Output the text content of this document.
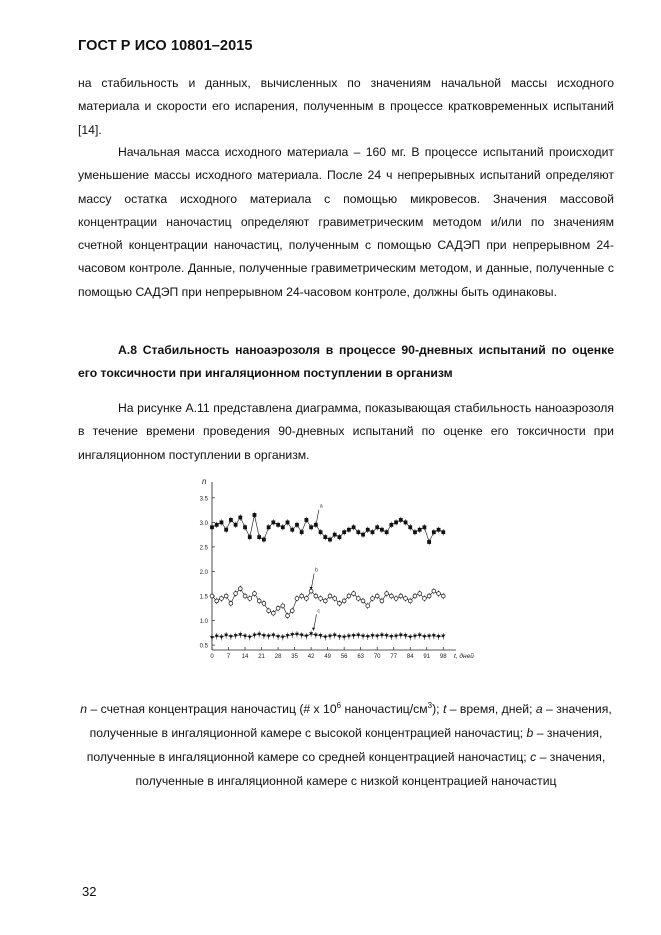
ГОСТ Р ИСО 10801–2015
на стабильность и данных, вычисленных по значениям начальной массы исходного материала и скорости его испарения, полученным в процессе кратковременных испытаний [14].
Начальная масса исходного материала – 160 мг. В процессе испытаний происходит уменьшение массы исходного материала. После 24 ч непрерывных испытаний определяют массу остатка исходного материала с помощью микровесов. Значения массовой концентрации наночастиц определяют гравиметрическим методом и/или по значениям счетной концентрации наночастиц, полученным с помощью САДЭП при непрерывном 24-часовом контроле. Данные, полученные гравиметрическим методом, и данные, полученные с помощью САДЭП при непрерывном 24-часовом контроле, должны быть одинаковы.
А.8 Стабильность наноаэрозоля в процессе 90-дневных испытаний по оценке его токсичности при ингаляционном поступлении в организм
На рисунке А.11 представлена диаграмма, показывающая стабильность наноаэрозоля в течение времени проведения 90-дневных испытаний по оценке его токсичности при ингаляционном поступлении в организм.
0.5
1.0
1.5
2.0
2.5
3.0
3.5
0 7 14 21 28 35 42 49 56 63 70 77 84 91 98
n
t, дней
a
b
c
n – счетная концентрация наночастиц (# x $10^6$ наночастиц/$см^3$); t – время, дней; a – значения, полученные в ингаляционной камере с высокой концентрацией наночастиц; b – значения, полученные в ингаляционной камере со средней концентрацией наночастиц; c – значения, полученные в ингаляционной камере с низкой концентрацией наночастиц
32
